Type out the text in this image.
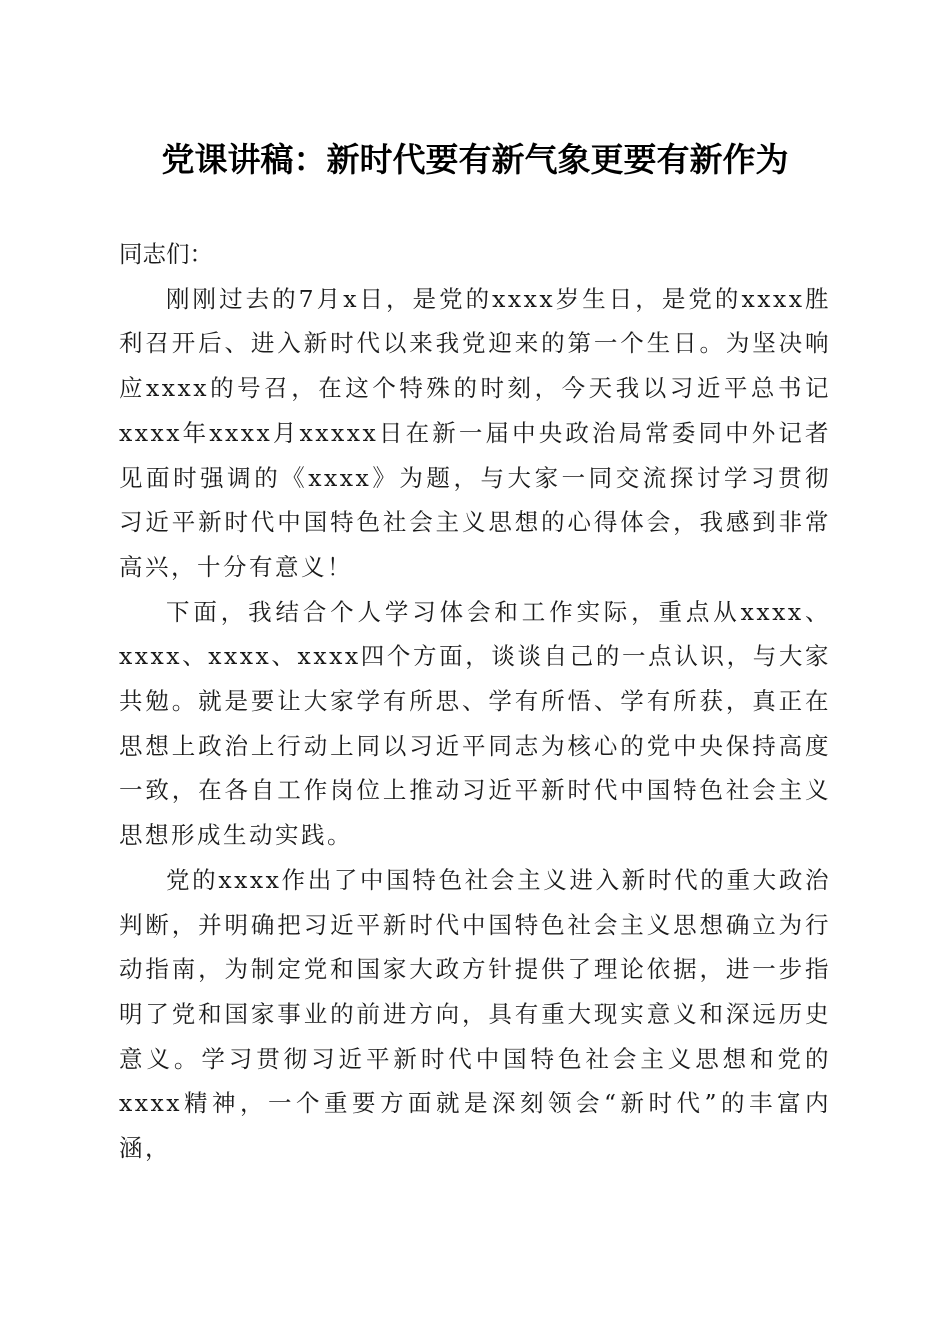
党课讲稿：新时代要有新气象更要有新作为

同志们：

刚刚过去的7月x日，是党的xxxx岁生日，是党的xxxx胜利召开后、进入新时代以来我党迎来的第一个生日。为坚决响应xxxx的号召，在这个特殊的时刻，今天我以习近平总书记xxxx年xxxx月xxxxx日在新一届中央政治局常委同中外记者见面时强调的《xxxx》为题，与大家一同交流探讨学习贯彻习近平新时代中国特色社会主义思想的心得体会，我感到非常高兴，十分有意义！

下面，我结合个人学习体会和工作实际，重点从xxxx、xxxx、xxxx、xxxx四个方面，谈谈自己的一点认识，与大家共勉。就是要让大家学有所思、学有所悟、学有所获，真正在思想上政治上行动上同以习近平同志为核心的党中央保持高度一致，在各自工作岗位上推动习近平新时代中国特色社会主义思想形成生动实践。

党的xxxx作出了中国特色社会主义进入新时代的重大政治判断，并明确把习近平新时代中国特色社会主义思想确立为行动指南，为制定党和国家大政方针提供了理论依据，进一步指明了党和国家事业的前进方向，具有重大现实意义和深远历史意义。学习贯彻习近平新时代中国特色社会主义思想和党的xxxx精神，一个重要方面就是深刻领会“新时代”的丰富内涵，
